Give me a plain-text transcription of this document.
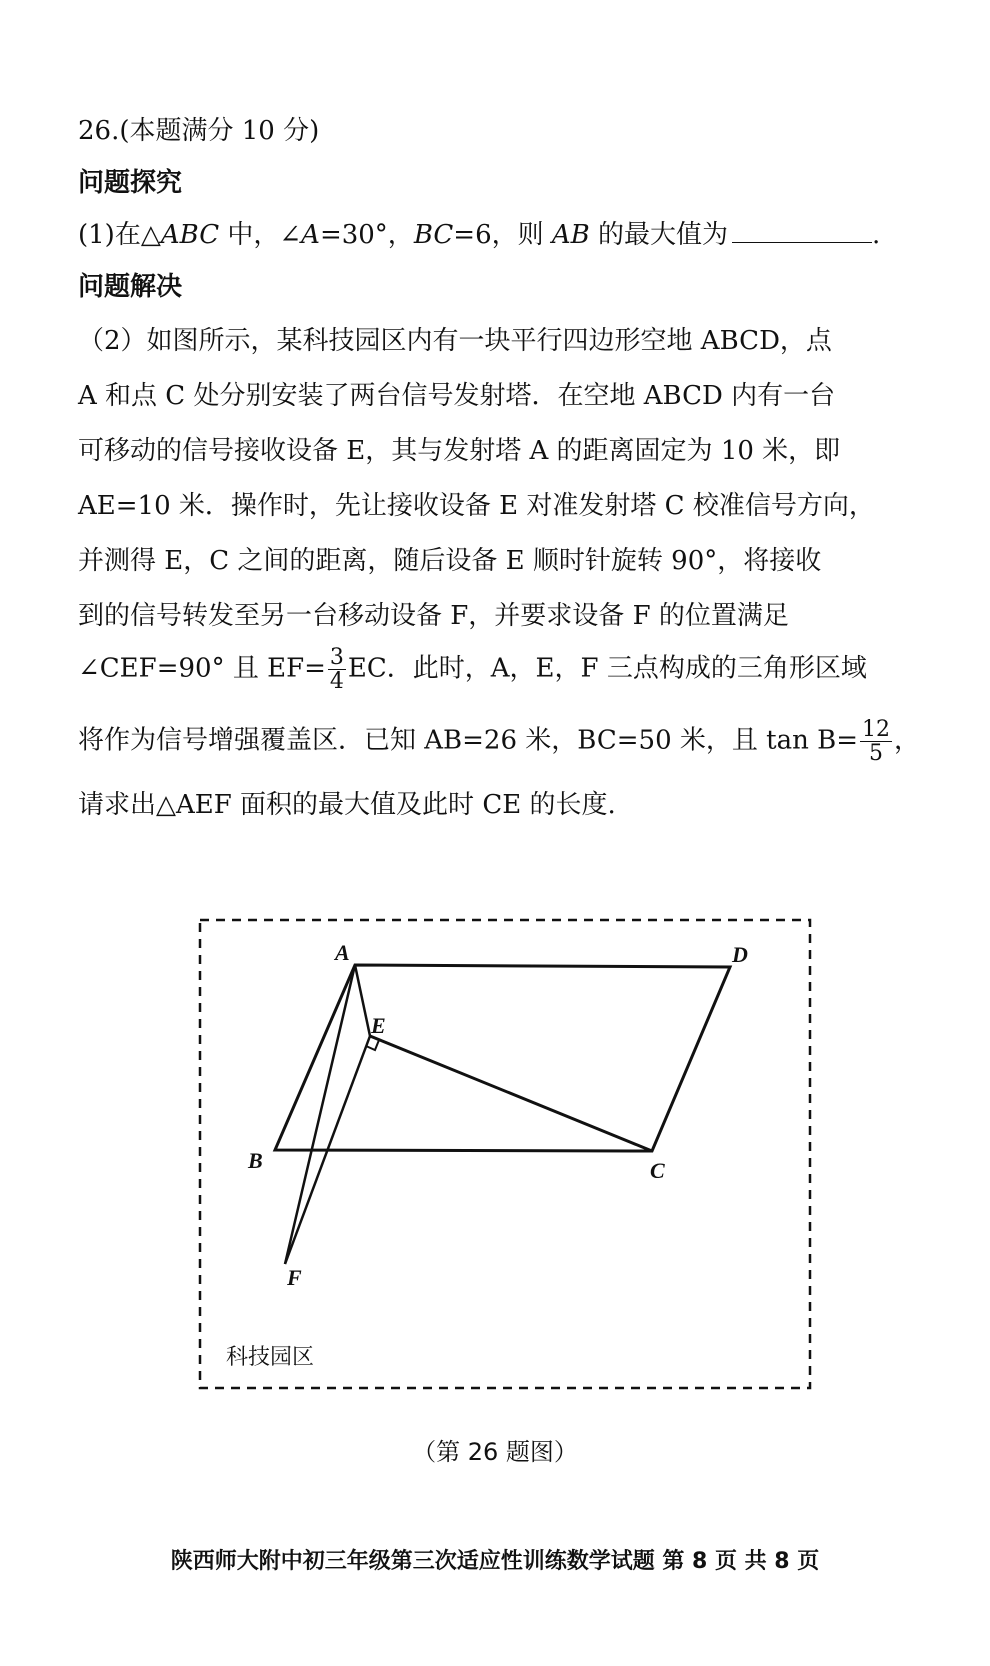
26.(本题满分 10 分)
问题探究
(1)在△ABC 中，∠A=30°，BC=6，则 AB 的最大值为	.
问题解决
（2）如图所示，某科技园区内有一块平行四边形空地 ABCD，点
A 和点 C 处分别安装了两台信号发射塔．在空地 ABCD 内有一台
可移动的信号接收设备 E，其与发射塔 A 的距离固定为 10 米，即
AE=10 米．操作时，先让接收设备 E 对准发射塔 C 校准信号方向，
并测得 E，C 之间的距离，随后设备 E 顺时针旋转 90°，将接收
到的信号转发至另一台移动设备 F，并要求设备 F 的位置满足
∠CEF=90° 且 $EF= \frac{3}{4}$ EC．此时，A，E，F 三点构成的三角形区域
将作为信号增强覆盖区．已知 AB=26 米，BC=50 米，且 $\tan B= \frac{12}{5}$ ，
请求出△AEF 面积的最大值及此时 CE 的长度.
A	D
E
B	C
F
科技园区
（第 26 题图）
陕西师大附中初三年级第三次适应性训练数学试题 第 8 页 共 8 页
